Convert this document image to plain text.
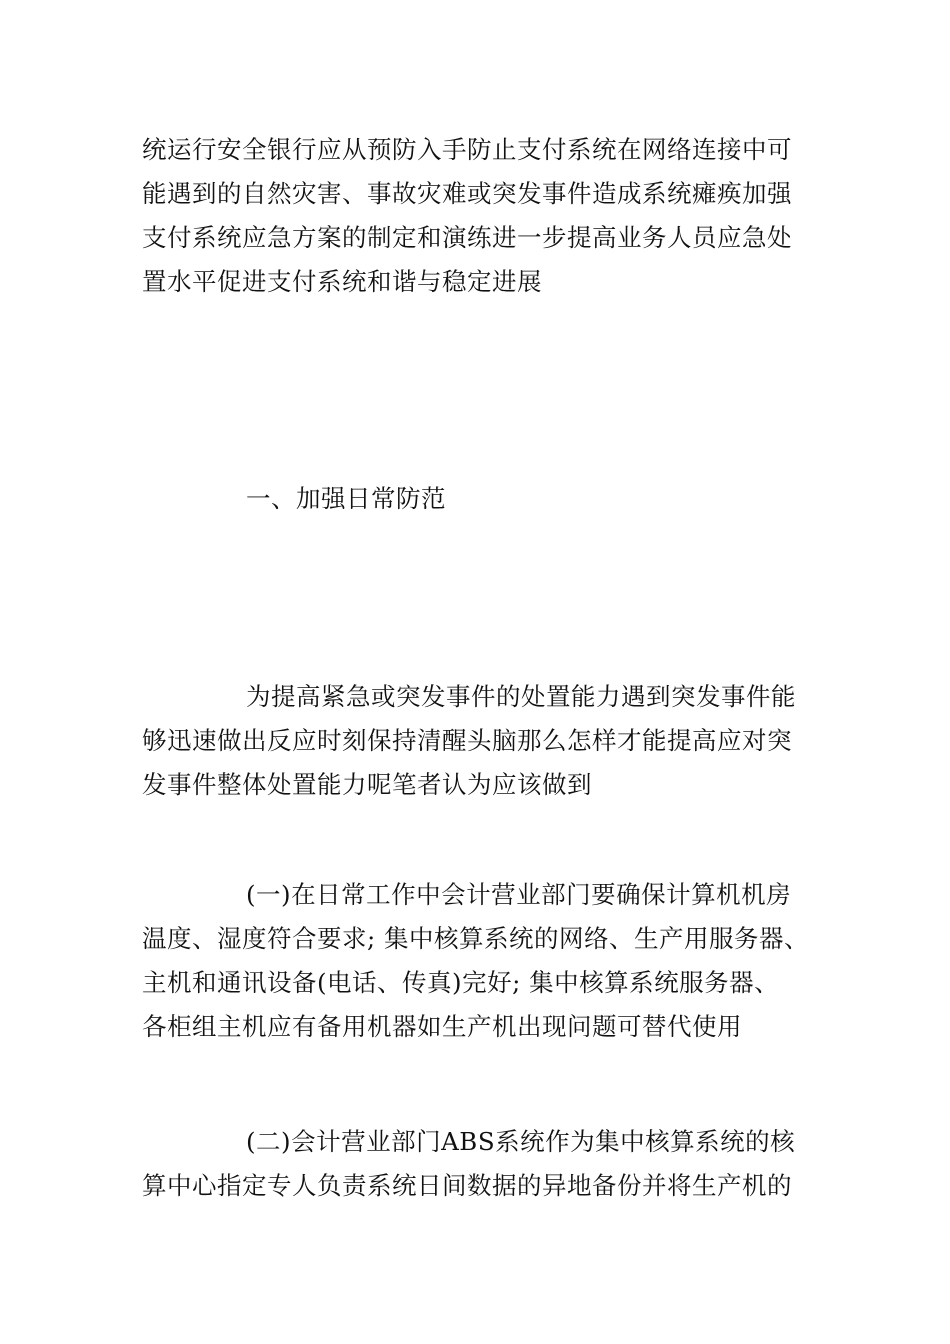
统运行安全银行应从预防入手防止支付系统在网络连接中可
能遇到的自然灾害、事故灾难或突发事件造成系统瘫痪加强
支付系统应急方案的制定和演练进一步提高业务人员应急处
置水平促进支付系统和谐与稳定进展
一、加强日常防范
为提高紧急或突发事件的处置能力遇到突发事件能
够迅速做出反应时刻保持清醒头脑那么怎样才能提高应对突
发事件整体处置能力呢笔者认为应该做到
(一)在日常工作中会计营业部门要确保计算机机房
温度、湿度符合要求; 集中核算系统的网络、生产用服务器、
主机和通讯设备(电话、传真)完好; 集中核算系统服务器、
各柜组主机应有备用机器如生产机出现问题可替代使用
(二)会计营业部门ABS系统作为集中核算系统的核
算中心指定专人负责系统日间数据的异地备份并将生产机的
